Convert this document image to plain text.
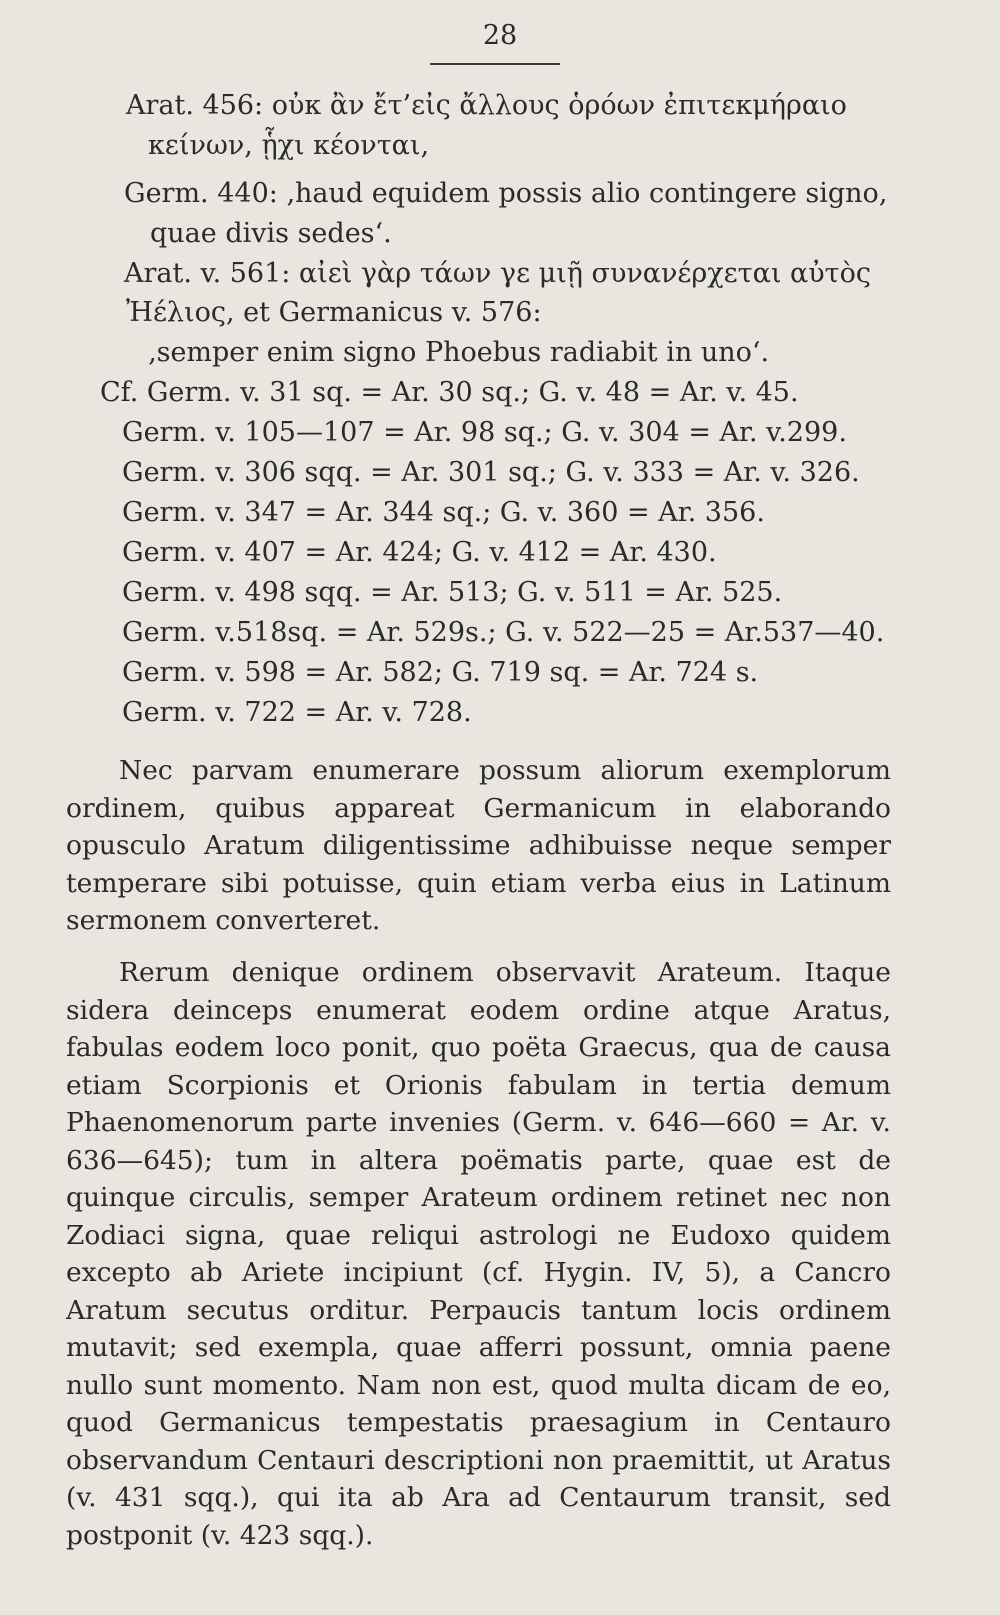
28
Arat. 456: οὐκ ἂν ἔτ’εἰς ἄλλους ὁρόων ἐπιτεκμήραιο
κείνων, ᾗχι κέονται,
Germ. 440: ‚haud equidem possis alio contingere signo,
quae divis sedes‘.
Arat. v. 561: αἰεὶ γὰρ τάων γε μιῇ συνανέρχεται αὐτὸς
Ἠέλιος, et Germanicus v. 576:
‚semper enim signo Phoebus radiabit in uno‘.
Cf. Germ. v. 31 sq. = Ar. 30 sq.; G. v. 48 = Ar. v. 45.
Germ. v. 105—107 = Ar. 98 sq.; G. v. 304 = Ar. v.299.
Germ. v. 306 sqq. = Ar. 301 sq.; G. v. 333 = Ar. v. 326.
Germ. v. 347 = Ar. 344 sq.; G. v. 360 = Ar. 356.
Germ. v. 407 = Ar. 424; G. v. 412 = Ar. 430.
Germ. v. 498 sqq. = Ar. 513; G. v. 511 = Ar. 525.
Germ. v.518sq. = Ar. 529s.; G. v. 522—25 = Ar.537—40.
Germ. v. 598 = Ar. 582; G. 719 sq. = Ar. 724 s.
Germ. v. 722 = Ar. v. 728.

Nec parvam enumerare possum aliorum exemplorum ordinem, quibus appareat Germanicum in elaborando opusculo Aratum diligentissime adhibuisse neque semper temperare sibi potuisse, quin etiam verba eius in Latinum sermonem converteret.

Rerum denique ordinem observavit Arateum. Itaque sidera deinceps enumerat eodem ordine atque Aratus, fabulas eodem loco ponit, quo poëta Graecus, qua de causa etiam Scorpionis et Orionis fabulam in tertia demum Phaenomenorum parte invenies (Germ. v. 646—660 = Ar. v. 636—645); tum in altera poëmatis parte, quae est de quinque circulis, semper Arateum ordinem retinet nec non Zodiaci signa, quae reliqui astrologi ne Eudoxo quidem excepto ab Ariete incipiunt (cf. Hygin. IV, 5), a Cancro Aratum secutus orditur. Perpaucis tantum locis ordinem mutavit; sed exempla, quae afferri possunt, omnia paene nullo sunt momento. Nam non est, quod multa dicam de eo, quod Germanicus tempestatis praesagium in Centauro observandum Centauri descriptioni non praemittit, ut Aratus (v. 431 sqq.), qui ita ab Ara ad Centaurum transit, sed postponit (v. 423 sqq.).
